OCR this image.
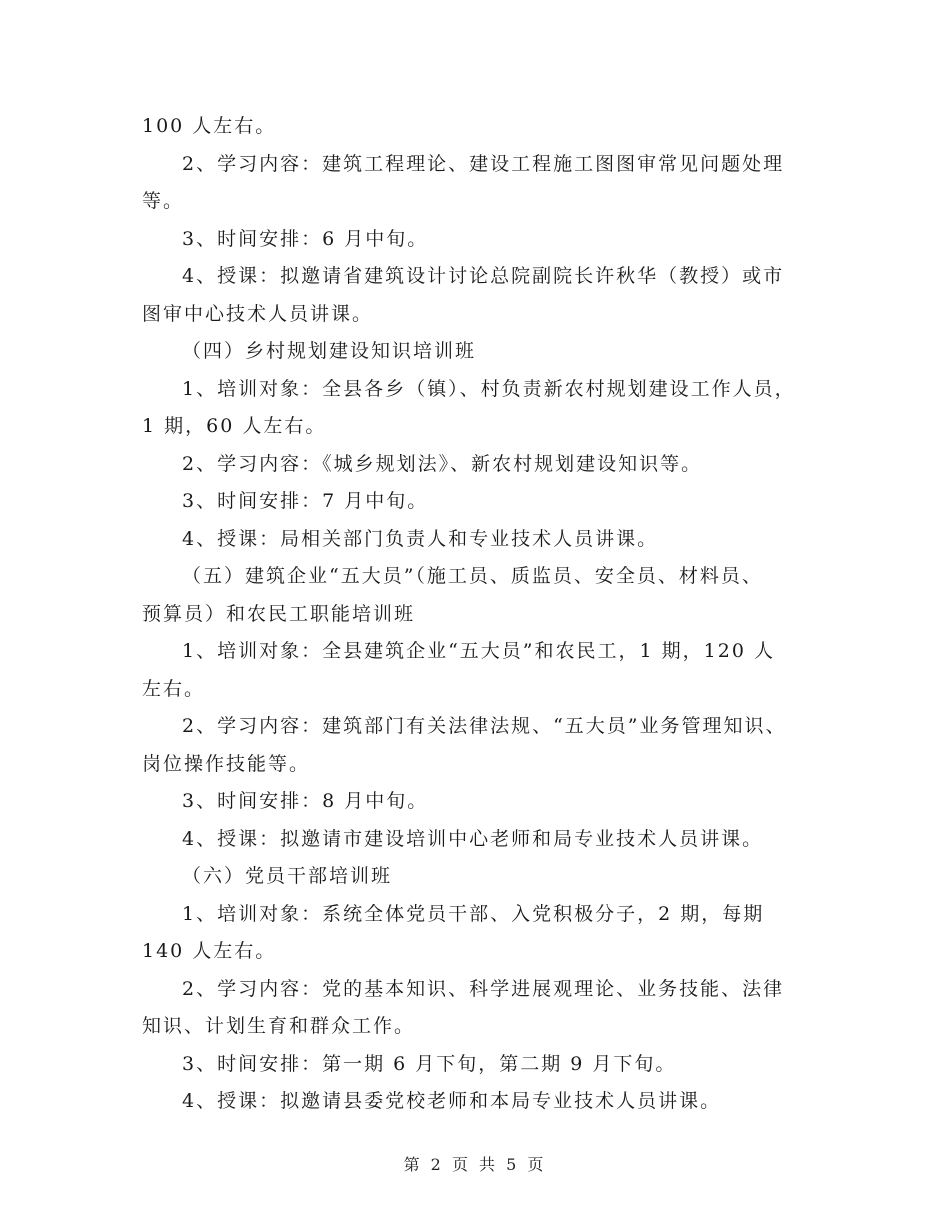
100 人左右。
2、学习内容：建筑工程理论、建设工程施工图图审常见问题处理
等。
3、时间安排：6 月中旬。
4、授课：拟邀请省建筑设计讨论总院副院长许秋华（教授）或市
图审中心技术人员讲课。
（四）乡村规划建设知识培训班
1、培训对象：全县各乡（镇）、村负责新农村规划建设工作人员，
1 期，60 人左右。
2、学习内容：《城乡规划法》、新农村规划建设知识等。
3、时间安排：7 月中旬。
4、授课：局相关部门负责人和专业技术人员讲课。
（五）建筑企业“五大员”（施工员、质监员、安全员、材料员、
预算员）和农民工职能培训班
1、培训对象：全县建筑企业“五大员”和农民工，1 期，120 人
左右。
2、学习内容：建筑部门有关法律法规、“五大员”业务管理知识、
岗位操作技能等。
3、时间安排：8 月中旬。
4、授课：拟邀请市建设培训中心老师和局专业技术人员讲课。
（六）党员干部培训班
1、培训对象：系统全体党员干部、入党积极分子，2 期，每期
140 人左右。
2、学习内容：党的基本知识、科学进展观理论、业务技能、法律
知识、计划生育和群众工作。
3、时间安排：第一期 6 月下旬，第二期 9 月下旬。
4、授课：拟邀请县委党校老师和本局专业技术人员讲课。
第 2 页 共 5 页
